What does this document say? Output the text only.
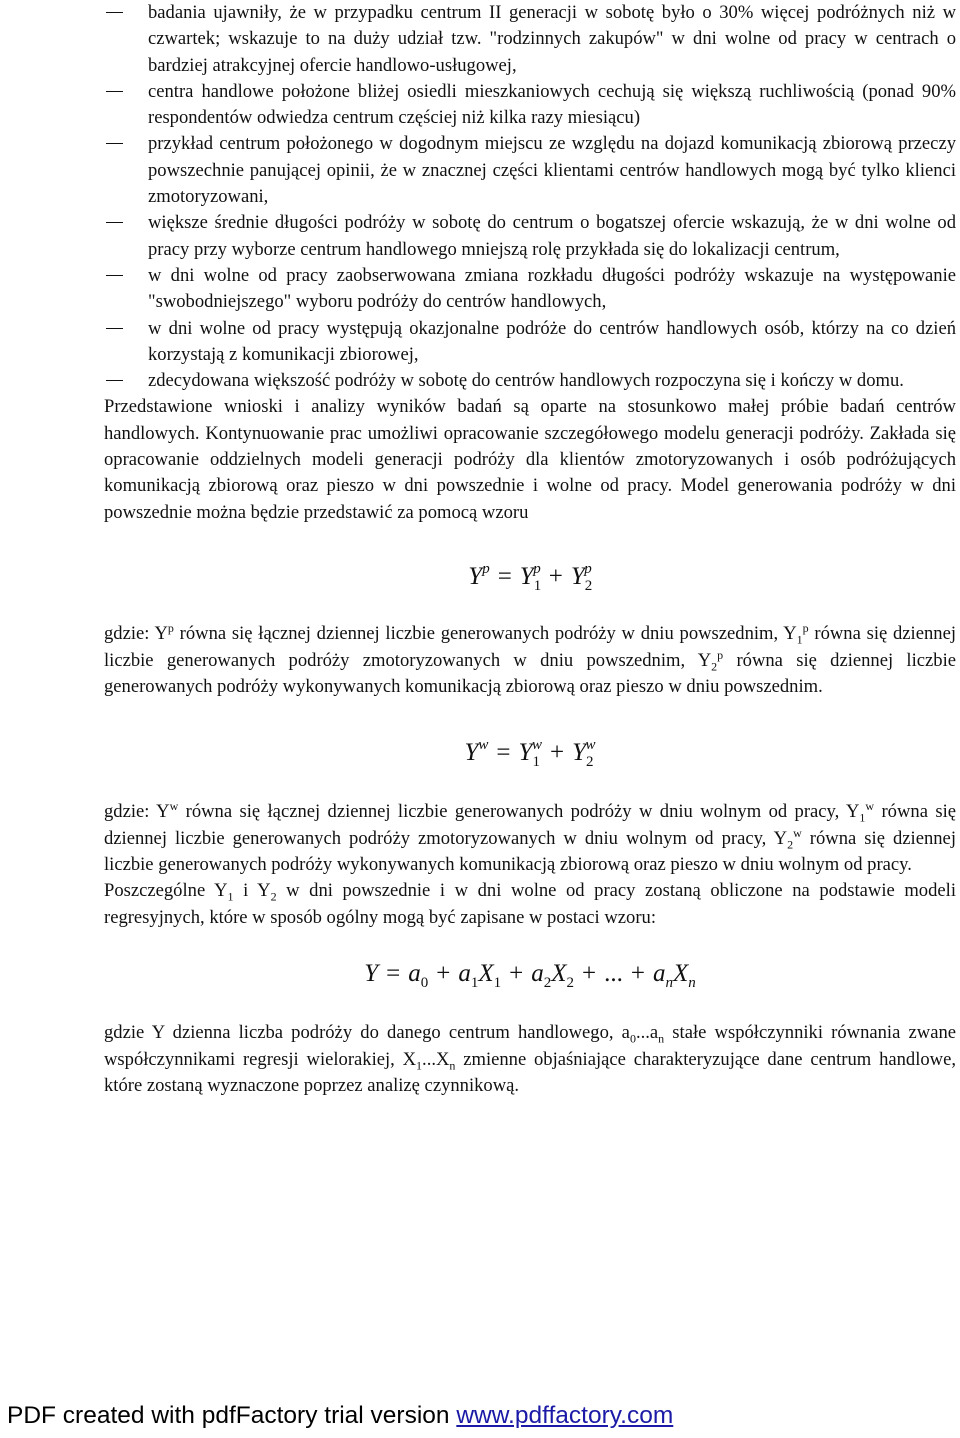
badania ujawniły, że w przypadku centrum II generacji w sobotę było o 30% więcej podróżnych niż w czwartek; wskazuje to na duży udział tzw. "rodzinnych zakupów" w dni wolne od pracy w centrach o bardziej atrakcyjnej ofercie handlowo-usługowej,
centra handlowe położone bliżej osiedli mieszkaniowych cechują się większą ruchliwością (ponad 90% respondentów odwiedza centrum częściej niż kilka razy miesiącu)
przykład centrum położonego w dogodnym miejscu ze względu na dojazd komunikacją zbiorową przeczy powszechnie panującej opinii, że w znacznej części klientami centrów handlowych mogą być tylko klienci zmotoryzowani,
większe średnie długości podróży w sobotę do centrum o bogatszej ofercie wskazują, że w dni wolne od pracy przy wyborze centrum handlowego mniejszą rolę przykłada się do lokalizacji centrum,
w dni wolne od pracy zaobserwowana zmiana rozkładu długości podróży wskazuje na występowanie "swobodniejszego" wyboru podróży do centrów handlowych,
w dni wolne od pracy występują okazjonalne podróże do centrów handlowych osób, którzy na co dzień korzystają z komunikacji zbiorowej,
zdecydowana większość podróży w sobotę do centrów handlowych rozpoczyna się i kończy w domu.

Przedstawione wnioski i analizy wyników badań są oparte na stosunkowo małej próbie badań centrów handlowych. Kontynuowanie prac umożliwi opracowanie szczegółowego modelu generacji podróży. Zakłada się opracowanie oddzielnych modeli generacji podróży dla klientów zmotoryzowanych i osób podróżujących komunikacją zbiorową oraz pieszo w dni powszednie i wolne od pracy. Model generowania podróży w dni powszednie można będzie przedstawić za pomocą wzoru

$Y^p = Y_1^p + Y_2^p$

gdzie: $Y^p$ równa się łącznej dziennej liczbie generowanych podróży w dniu powszednim, $Y_1^p$ równa się dziennej liczbie generowanych podróży zmotoryzowanych w dniu powszednim, $Y_2^p$ równa się dziennej liczbie generowanych podróży wykonywanych komunikacją zbiorową oraz pieszo w dniu powszednim.

$Y^w = Y_1^w + Y_2^w$

gdzie: $Y^w$ równa się łącznej dziennej liczbie generowanych podróży w dniu wolnym od pracy, $Y_1^w$ równa się dziennej liczbie generowanych podróży zmotoryzowanych w dniu wolnym od pracy, $Y_2^w$ równa się dziennej liczbie generowanych podróży wykonywanych komunikacją zbiorową oraz pieszo w dniu wolnym od pracy.

Poszczególne $Y_1$ i $Y_2$ w dni powszednie i w dni wolne od pracy zostaną obliczone na podstawie modeli regresyjnych, które w sposób ogólny mogą być zapisane w postaci wzoru:

$Y = a_0 + a_1X_1 + a_2X_2$ + ... + $a_nX_n$

gdzie Y dzienna liczba podróży do danego centrum handlowego, $a_0...a_n$ stałe współczynniki równania zwane współczynnikami regresji wielorakiej, $X_1...X_n$ zmienne objaśniające charakteryzujące dane centrum handlowe, które zostaną wyznaczone poprzez analizę czynnikową.

PDF created with pdfFactory trial version www.pdffactory.com
